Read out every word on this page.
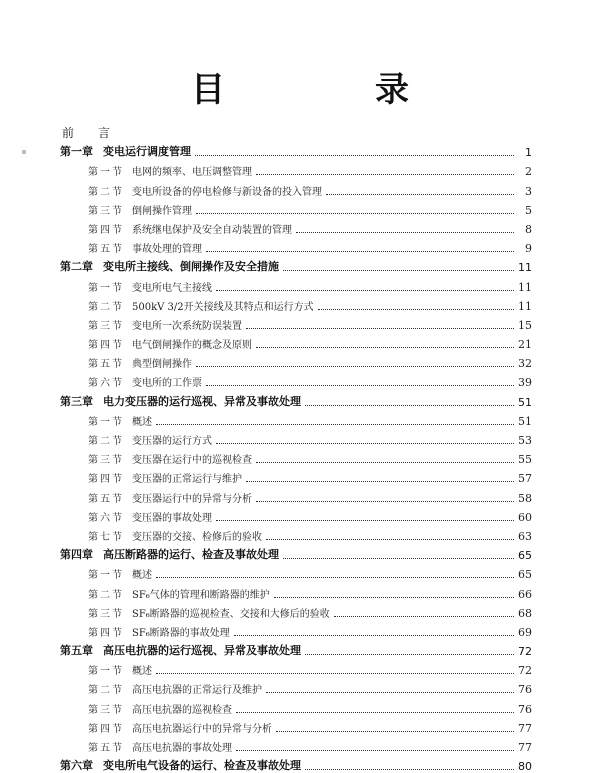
目　录
前　言
第一章 变电运行调度管理	1
第一节 电网的频率、电压调整管理	2
第二节 变电所设备的停电检修与新设备的投入管理	3
第三节 倒闸操作管理	5
第四节 系统继电保护及安全自动装置的管理	8
第五节 事故处理的管理	9
第二章 变电所主接线、倒闸操作及安全措施	11
第一节 变电所电气主接线	11
第二节 500kV 3/2开关接线及其特点和运行方式	11
第三节 变电所一次系统防误装置	15
第四节 电气倒闸操作的概念及原则	21
第五节 典型倒闸操作	32
第六节 变电所的工作票	39
第三章 电力变压器的运行巡视、异常及事故处理	51
第一节 概述	51
第二节 变压器的运行方式	53
第三节 变压器在运行中的巡视检查	55
第四节 变压器的正常运行与维护	57
第五节 变压器运行中的异常与分析	58
第六节 变压器的事故处理	60
第七节 变压器的交接、检修后的验收	63
第四章 高压断路器的运行、检查及事故处理	65
第一节 概述	65
第二节 SF₆气体的管理和断路器的维护	66
第三节 SF₆断路器的巡视检查、交接和大修后的验收	68
第四节 SF₆断路器的事故处理	69
第五章 高压电抗器的运行巡视、异常及事故处理	72
第一节 概述	72
第二节 高压电抗器的正常运行及维护	76
第三节 高压电抗器的巡视检查	76
第四节 高压电抗器运行中的异常与分析	77
第五节 高压电抗器的事故处理	77
第六章 变电所电气设备的运行、检查及事故处理	80
